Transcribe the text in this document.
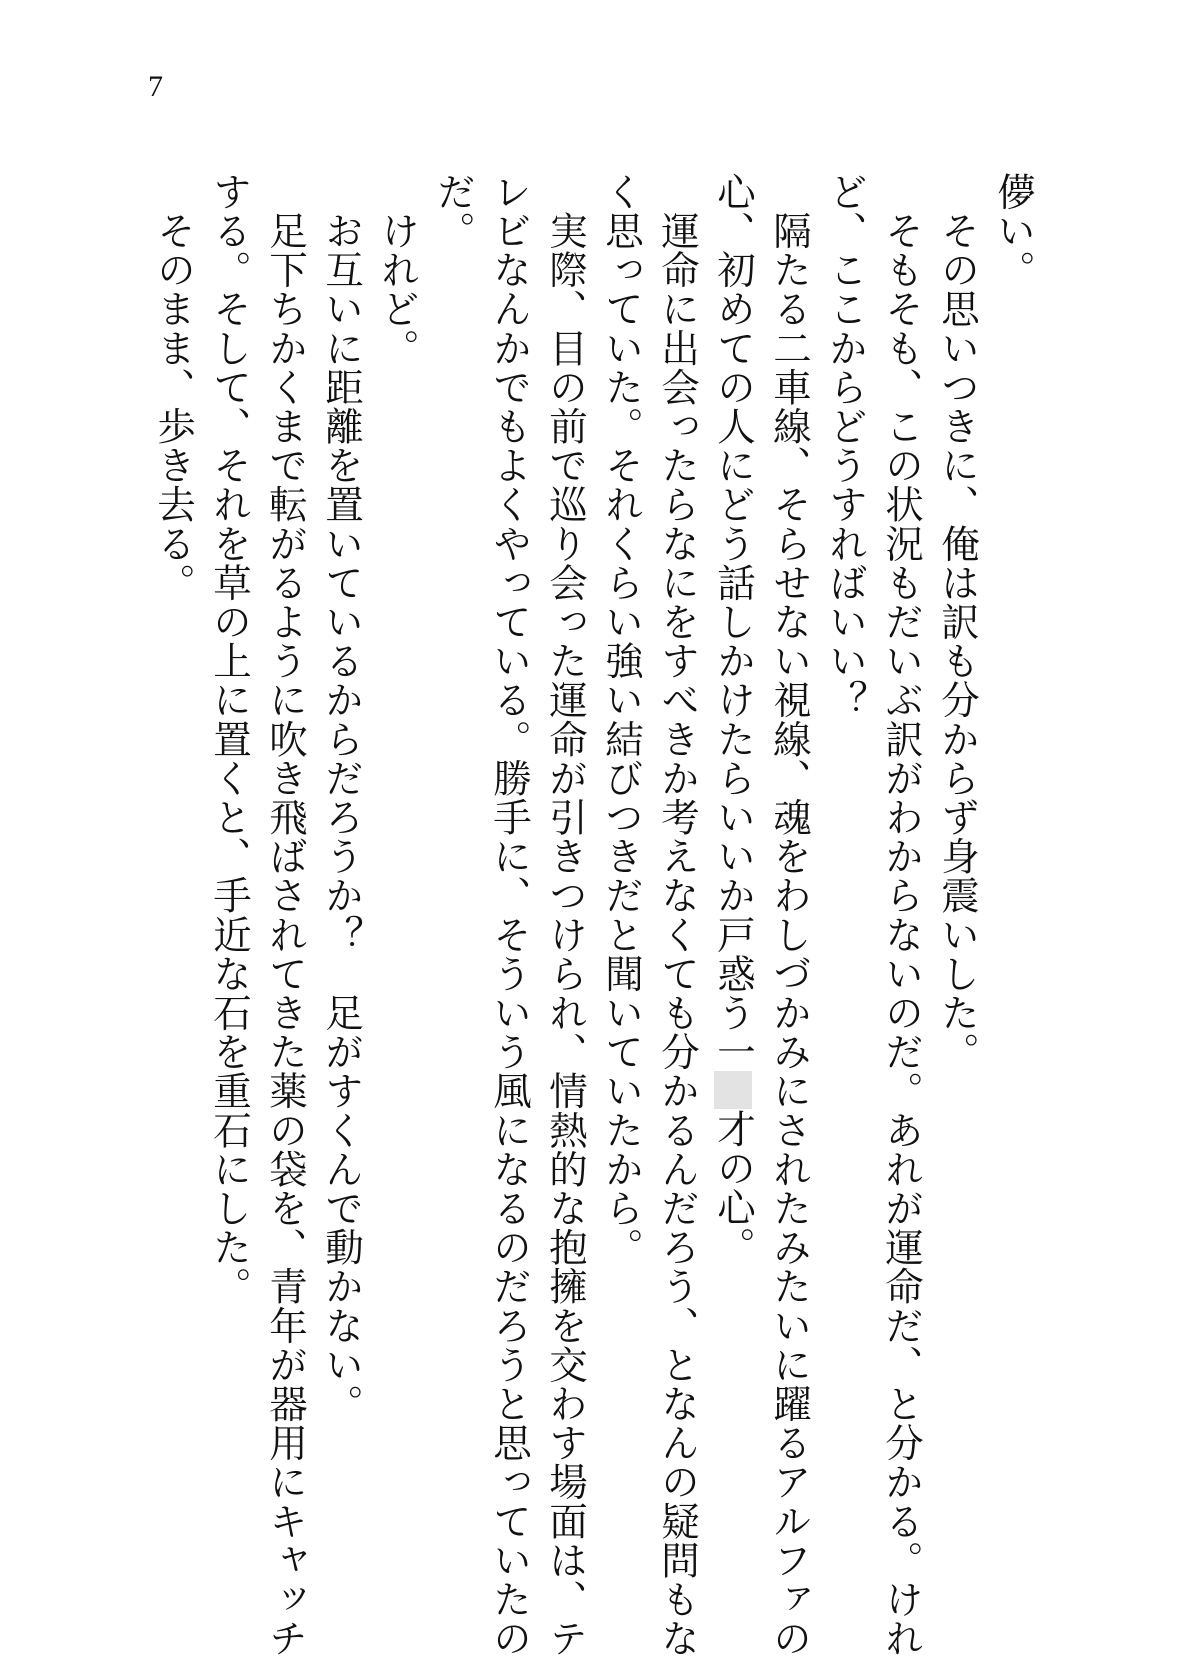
7
儚い。
　その思いつきに、俺は訳も分からず身震いした。
　そもそも、この状況もだいぶ訳がわからないのだ。あれが運命だ、と分かる。けれ
ど、ここからどうすればいい？
　隔たる二車線、そらせない視線、魂をわしづかみにされたみたいに躍るアルファの
心、初めての人にどう話しかけたらいいか戸惑う一才の心。
　運命に出会ったらなにをすべきか考えなくても分かるんだろう、となんの疑問もな
く思っていた。それくらい強い結びつきだと聞いていたから。
　実際、目の前で巡り会った運命が引きつけられ、情熱的な抱擁を交わす場面は、テ
レビなんかでもよくやっている。勝手に、そういう風になるのだろうと思っていたの
だ。
　けれど。
　お互いに距離を置いているからだろうか？　足がすくんで動かない。
　足下ちかくまで転がるように吹き飛ばされてきた薬の袋を、青年が器用にキャッチ
する。そして、それを草の上に置くと、手近な石を重石にした。
　そのまま、歩き去る。
